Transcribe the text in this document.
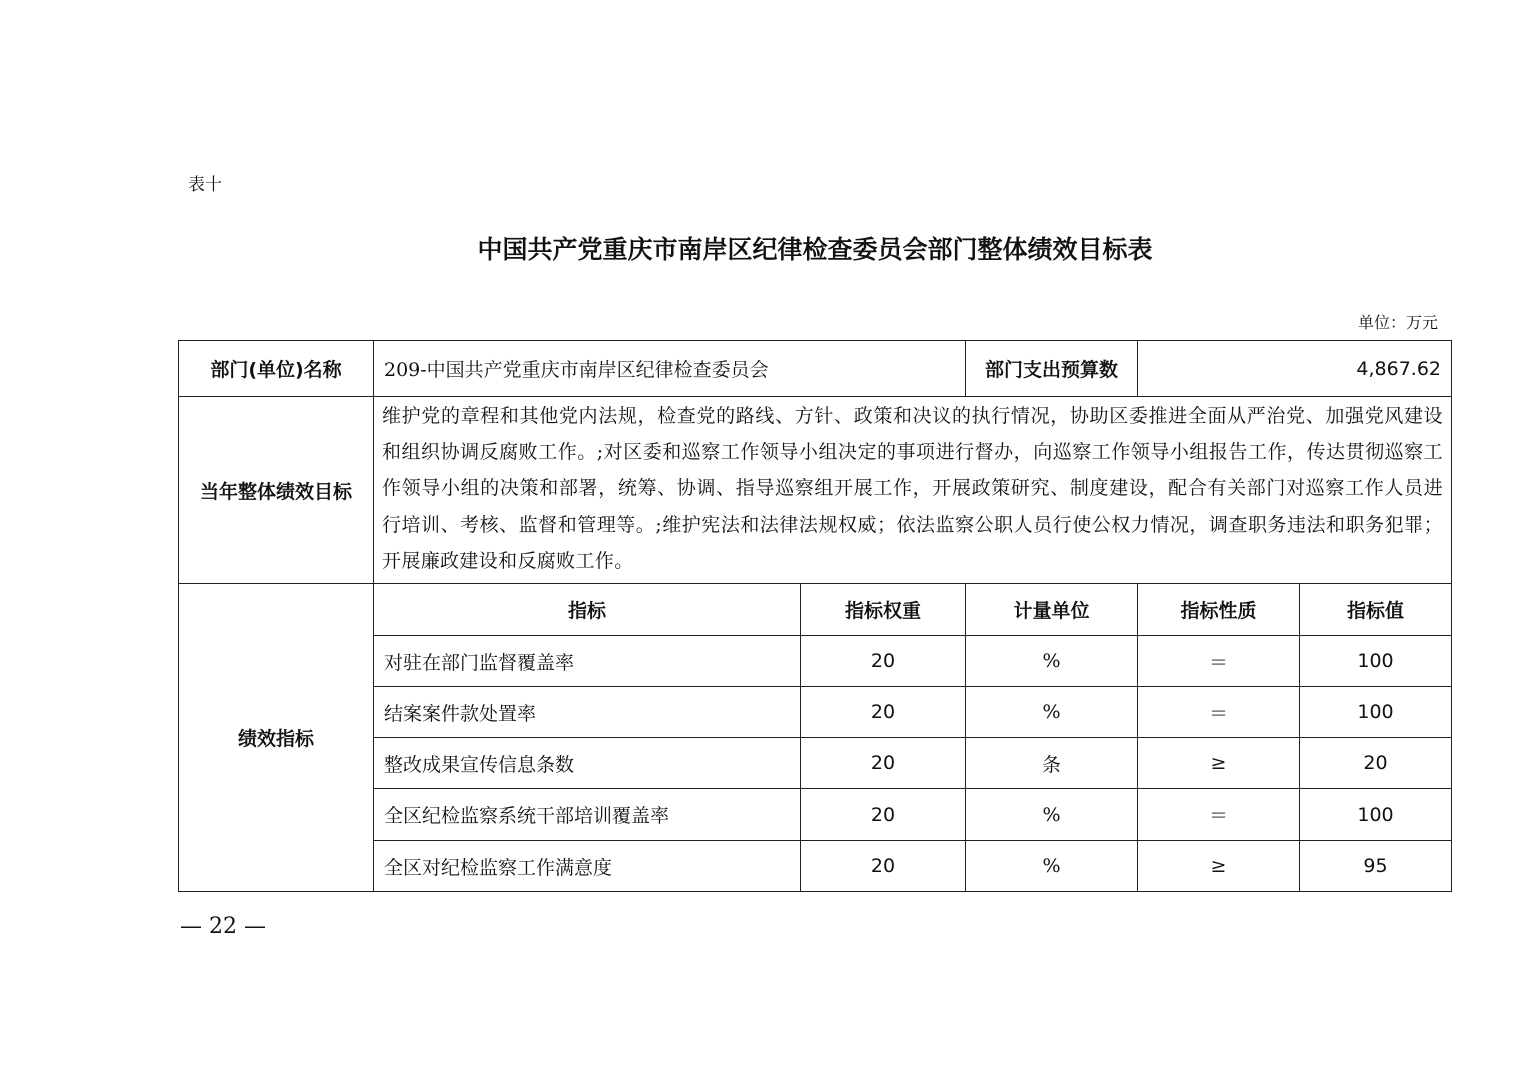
表十
中国共产党重庆市南岸区纪律检查委员会部门整体绩效目标表
单位：万元
部门(单位)名称	209-中国共产党重庆市南岸区纪律检查委员会		部门支出预算数	4,867.62	
当年整体绩效目标	维护党的章程和其他党内法规，检查党的路线、方针、政策和决议的执行情况，协助区委推进全面从严治党、加强党风建设和组织协调反腐败工作。;对区委和巡察工作领导小组决定的事项进行督办，向巡察工作领导小组报告工作，传达贯彻巡察工作领导小组的决策和部署，统筹、协调、指导巡察组开展工作，开展政策研究、制度建设，配合有关部门对巡察工作人员进行培训、考核、监督和管理等。;维护宪法和法律法规权威；依法监察公职人员行使公权力情况，调查职务违法和职务犯罪；开展廉政建设和反腐败工作。				
绩效指标	指标	指标权重	计量单位	指标性质	指标值
	对驻在部门监督覆盖率	20	%	＝	100
	结案案件款处置率	20	%	＝	100
	整改成果宣传信息条数	20	条	≥	20
	全区纪检监察系统干部培训覆盖率	20	%	＝	100
	全区对纪检监察工作满意度	20	%	≥	95
— 22 —
